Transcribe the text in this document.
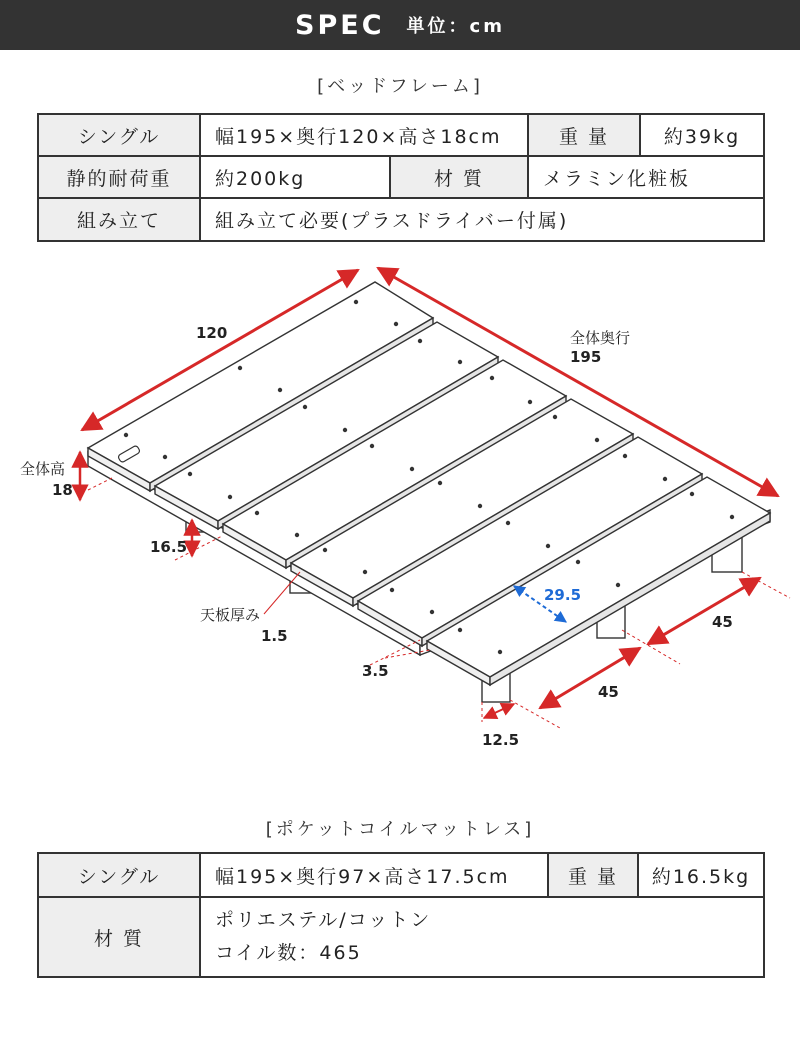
SPEC 単位：cm
[ベッドフレーム]
シングル	幅195×奥行120×高さ18cm		重 量	約39kg
静的耐荷重	約200kg	材 質	メラミン化粧板	
組み立て	組み立て必要(プラスドライバー付属)			
120	全体奥行
195
全体高
18
16.5
天板厚み
1.5
3.5
29.5
45
45
12.5
[ポケットコイルマットレス]
シングル	幅195×奥行97×高さ17.5cm	重 量	約16.5kg
材 質	ポリエステル/コットン
コイル数：465		
